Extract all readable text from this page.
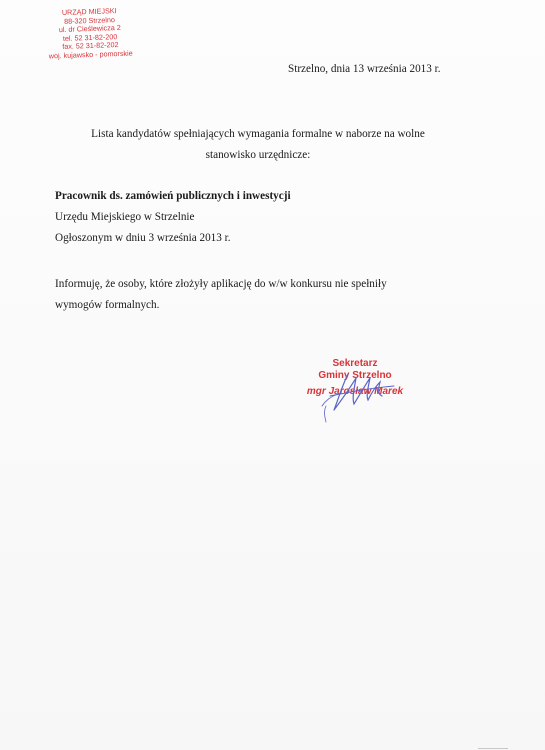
URZĄD MIEJSKI
88-320 Strzelno
ul. dr Cieślewicza 2
tel. 52 31-82-200
fax. 52 31-82-202
woj. kujawsko - pomorskie
Strzelno, dnia 13 września 2013 r.
Lista kandydatów spełniających wymagania formalne w naborze na wolne
stanowisko urzędnicze:
Pracownik ds. zamówień publicznych i inwestycji
Urzędu Miejskiego w Strzelnie
Ogłoszonym w dniu 3 września 2013 r.
Informuję, że osoby, które złożyły aplikację do w/w konkursu nie spełniły
wymogów formalnych.
Sekretarz
Gminy Strzelno
mgr Jarosław Marek
